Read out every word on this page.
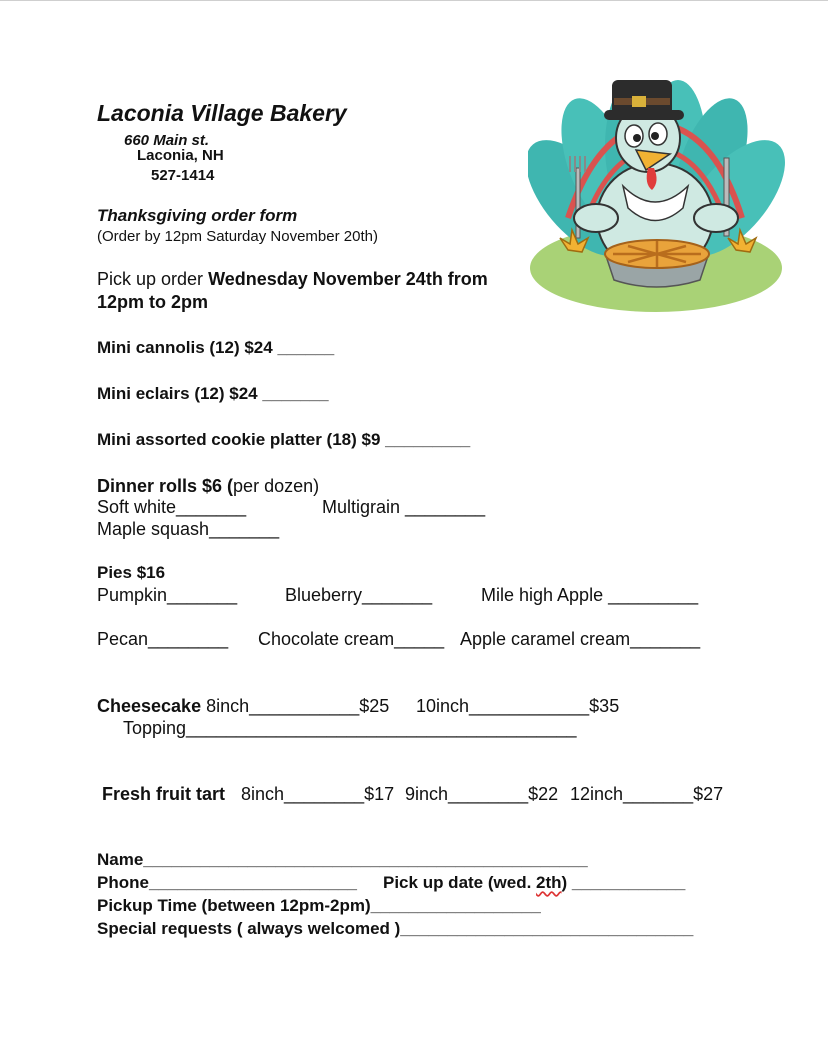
Laconia Village Bakery
660 Main st.
Laconia, NH
527-1414
Thanksgiving order form
(Order by 12pm Saturday November 20th)
Pick up order Wednesday November 24th from
12pm to 2pm
Mini cannolis (12) $24 ______
Mini eclairs (12) $24 _______
Mini assorted cookie platter (18) $9 _________
Dinner rolls $6 (per dozen)
Soft white_______	Multigrain ________
Maple squash_______
Pies $16
Pumpkin_______	Blueberry_______	Mile high Apple _________
Pecan________ Chocolate cream_____ Apple caramel cream_______
Cheesecake 8inch___________$25 10inch____________$35
Topping_______________________________________
Fresh fruit tart 8inch________$17 9inch________$22 12inch_______$27
Name_______________________________________________
Phone______________________ Pick up date (wed. 2th) ____________
Pickup Time (between 12pm-2pm)__________________
Special requests ( always welcomed )_______________________________
